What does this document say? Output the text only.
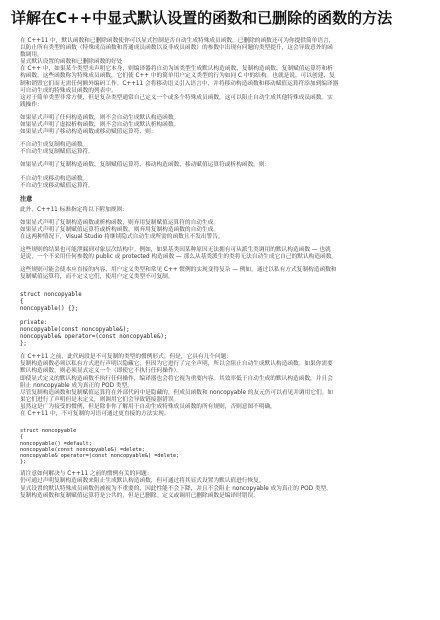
详解在C++中显式默认设置的函数和已删除的函数的方法

在 C++11 中，默认函数和已删除函数使你可以显式控制是否自动生成特殊成员函数。已删除的函数还可为你提供简单语言，

以防止所有类型的函数（特殊成员函数和普通成员函数以及非成员函数）的参数中出现有问题的类型提升，这会导致意外的函

数调用。

显式默认设置的函数和已删除函数的好处

在 C++ 中，如果某个类型未声明它本身，则编译器将自动为该类型生成默认构造函数、复制构造函数、复制赋值运算符和析

构函数。这些函数称为特殊成员函数，它们使 C++ 中的简单用户定义类型的行为如同 C 中的结构。也就是说，可以创建、复

制和销毁它们而无需任何额外编码工作。C++11 会将移动语义引入语言中，并将移动构造函数和移动赋值运算符添加到编译器

可自动生成的特殊成员函数的列表中。

这对于简单类型非常方便，但是复杂类型通常自己定义一个或多个特殊成员函数，这可以阻止自动生成其他特殊成员函数。实

践操作：

如果显式声明了任何构造函数，则不会自动生成默认构造函数。

如果显式声明了虚拟析构函数，则不会自动生成默认析构函数。

如果显式声明了移动构造函数或移动赋值运算符，则：

不自动生成复制构造函数。

不自动生成复制赋值运算符。

如果显式声明了复制构造函数、复制赋值运算符、移动构造函数、移动赋值运算符或析构函数，则：

不自动生成移动构造函数。

不自动生成移动赋值运算符。

注意

此外，C++11 标准指定将以下附加规则：

如果显式声明了复制构造函数或析构函数，则弃用复制赋值运算符的自动生成。

如果显式声明了复制赋值运算符或析构函数，则弃用复制构造函数的自动生成。

在这两种情况下，Visual Studio 将继续隐式自动生成所需的函数且不发出警告。

这些规则的结果也可能泄漏到对象层次结构中。例如，如果基类因某种原因无法拥有可从派生类调用的默认构造函数 — 也就

是说，一个不采用任何参数的 public 或 protected 构造函数 — 那么从基类派生的类将无法自动生成它自己的默认构造函数。

这些规则可能会使本应直接的内容、用户定义类型和常见 C++ 惯例的实现变得复杂 — 例如，通过以私有方式复制构造函数和

复制赋值运算符，而不定义它们，使用户定义类型不可复制。

struct noncopyable

{

noncopyable() {};

private:

noncopyable(const noncopyable&);

noncopyable& operator=(const noncopyable&);

};

在 C++11 之前，此代码段是不可复制的类型的惯例形式。但是，它具有几个问题：

复制构造函数必须以私有方式进行声明以隐藏它，但因为它进行了完全声明，所以会阻止自动生成默认构造函数。如果你需要

默认构造函数，则必须显式定义一个（即使它不执行任何操作）。

即使显式定义的默认构造函数不执行任何操作，编译器也会将它视为重要内容。其效率低于自动生成的默认构造函数，并且会

阻止 noncopyable 成为真正的 POD 类型。

尽管复制构造函数和复制赋值运算符在外部代码中是隐藏的，但成员函数和 noncopyable 的友元仍可以看见并调用它们。如

果它们进行了声明但是未定义，则调用它们会导致链接器错误。

虽然这是广为接受的惯例，但是除非你了解用于自动生成特殊成员函数的所有规则，否则意图不明确。

在 C++11 中，不可复制的习语可通过更直接的方法实现。

struct noncopyable

{

noncopyable() =default;

noncopyable(const noncopyable&) =delete;

noncopyable& operator=(const noncopyable&) =delete;

};

请注意如何解决与 C++11 之前的惯例有关的问题：

仍可通过声明复制构造函数来阻止生成默认构造函数，但可通过将其显式设置为默认值进行恢复。

显式设置的默认特殊成员函数仍被视为不重要的，因此性能不会下降，并且不会阻止 noncopyable 成为真正的 POD 类型。

复制构造函数和复制赋值运算符是公共的，但是已删除。定义或调用已删除函数是编译时错误。
